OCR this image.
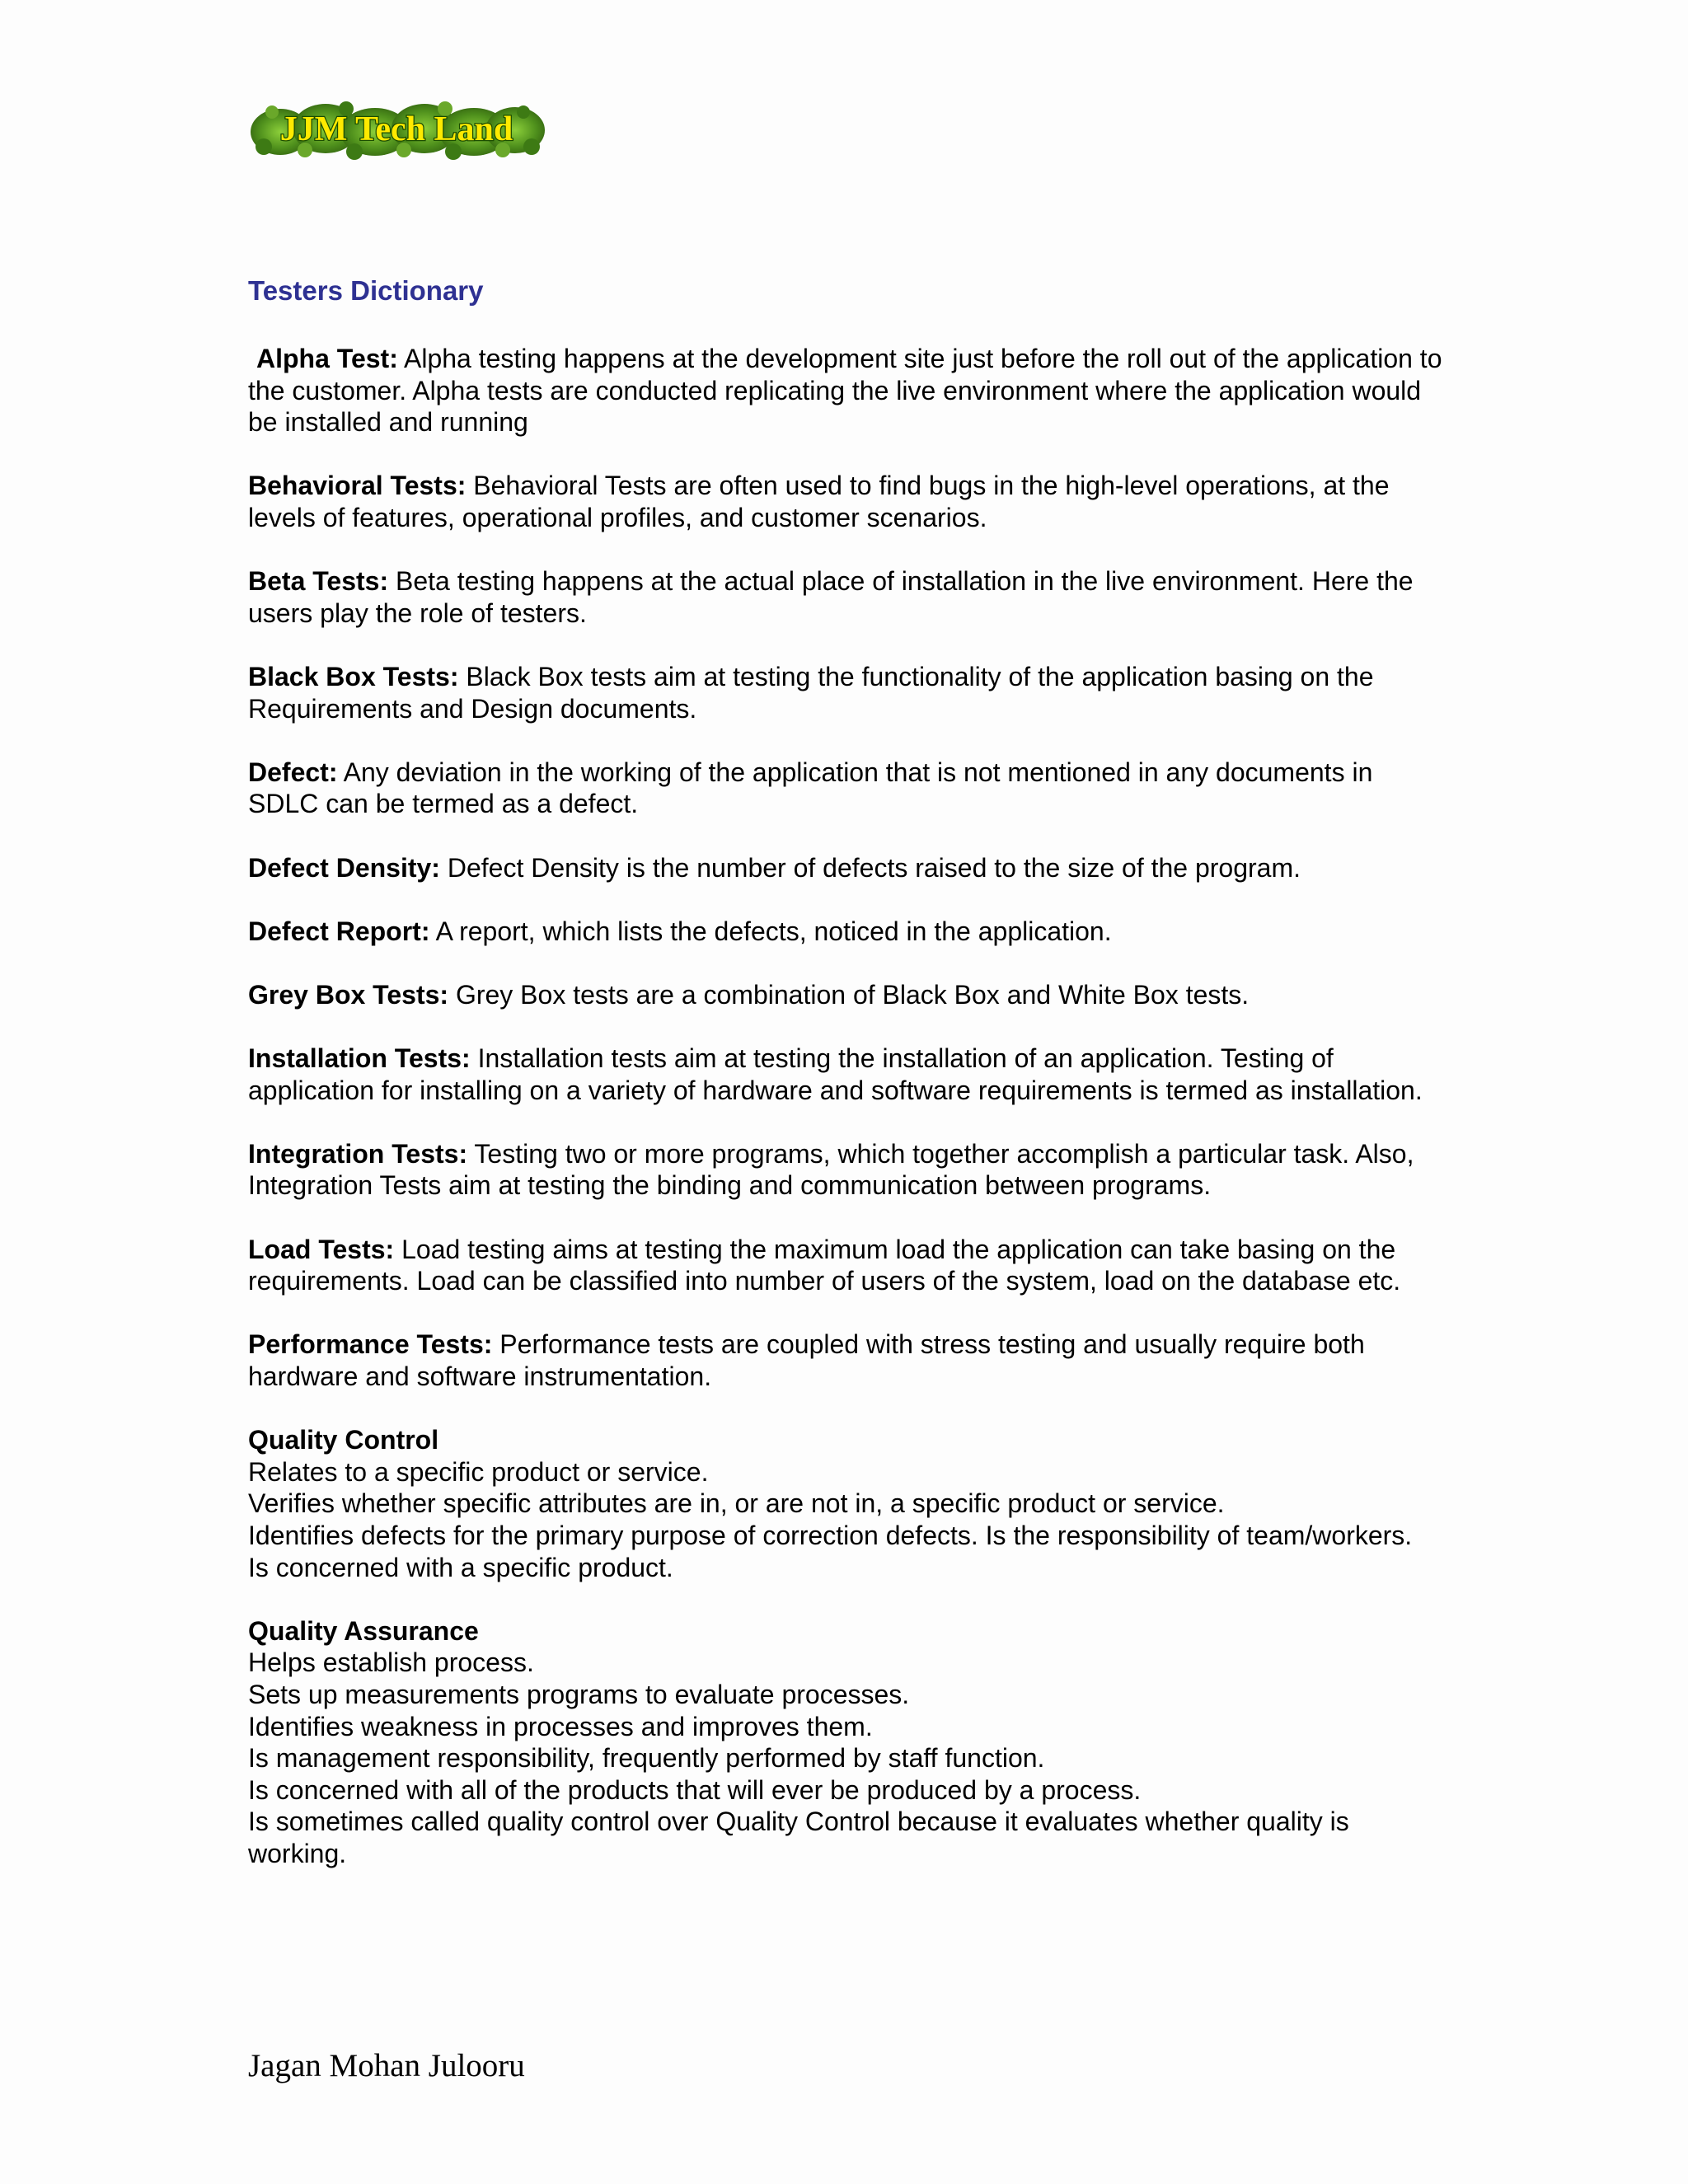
JJM Tech Land
Testers Dictionary

Alpha Test: Alpha testing happens at the development site just before the roll out of the application to the customer. Alpha tests are conducted replicating the live environment where the application would be installed and running

Behavioral Tests: Behavioral Tests are often used to find bugs in the high-level operations, at the levels of features, operational profiles, and customer scenarios.

Beta Tests: Beta testing happens at the actual place of installation in the live environment. Here the users play the role of testers.

Black Box Tests: Black Box tests aim at testing the functionality of the application basing on the Requirements and Design documents.

Defect: Any deviation in the working of the application that is not mentioned in any documents in SDLC can be termed as a defect.

Defect Density: Defect Density is the number of defects raised to the size of the program.

Defect Report: A report, which lists the defects, noticed in the application.

Grey Box Tests: Grey Box tests are a combination of Black Box and White Box tests.

Installation Tests: Installation tests aim at testing the installation of an application. Testing of application for installing on a variety of hardware and software requirements is termed as installation.

Integration Tests: Testing two or more programs, which together accomplish a particular task. Also, Integration Tests aim at testing the binding and communication between programs.

Load Tests: Load testing aims at testing the maximum load the application can take basing on the requirements. Load can be classified into number of users of the system, load on the database etc.

Performance Tests: Performance tests are coupled with stress testing and usually require both hardware and software instrumentation.

Quality Control
Relates to a specific product or service.
Verifies whether specific attributes are in, or are not in, a specific product or service.
Identifies defects for the primary purpose of correction defects. Is the responsibility of team/workers.
Is concerned with a specific product.
Quality Assurance
Helps establish process.
Sets up measurements programs to evaluate processes.
Identifies weakness in processes and improves them.
Is management responsibility, frequently performed by staff function.
Is concerned with all of the products that will ever be produced by a process.
Is sometimes called quality control over Quality Control because it evaluates whether quality is working.
Jagan Mohan Julooru
